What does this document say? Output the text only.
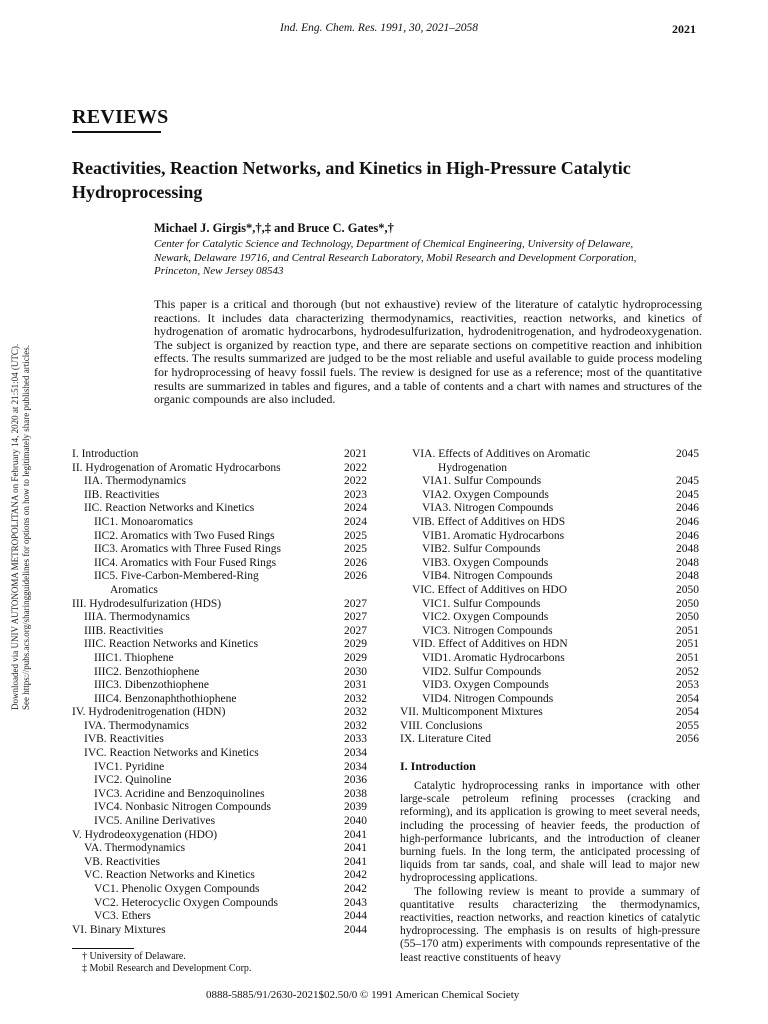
Ind. Eng. Chem. Res. 1991, 30, 2021–2058	2021
REVIEWS
Reactivities, Reaction Networks, and Kinetics in High-Pressure Catalytic Hydroprocessing
Michael J. Girgis*,†,‡ and Bruce C. Gates*,†
Center for Catalytic Science and Technology, Department of Chemical Engineering, University of Delaware,
Newark, Delaware 19716, and Central Research Laboratory, Mobil Research and Development Corporation,
Princeton, New Jersey 08543
This paper is a critical and thorough (but not exhaustive) review of the literature of catalytic hydroprocessing reactions. It includes data characterizing thermodynamics, reactivities, reaction networks, and kinetics of hydrogenation of aromatic hydrocarbons, hydrodesulfurization, hydrodenitrogenation, and hydrodeoxygenation. The subject is organized by reaction type, and there are separate sections on competitive reaction and inhibition effects. The results summarized are judged to be the most reliable and useful available to guide process modeling for hydroprocessing of heavy fossil fuels. The review is designed for use as a reference; most of the quantitative results are summarized in tables and figures, and a table of contents and a chart with names and structures of the organic compounds are also included.
Downloaded via UNIV AUTONOMA METROPOLITANA on February 14, 2020 at 21:51:04 (UTC).
See https://pubs.acs.org/sharingguidelines for options on how to legitimately share published articles.
I. Introduction	2021
II. Hydrogenation of Aromatic Hydrocarbons	2022
IIA. Thermodynamics	2022
IIB. Reactivities	2023
IIC. Reaction Networks and Kinetics	2024
IIC1. Monoaromatics	2024
IIC2. Aromatics with Two Fused Rings	2025
IIC3. Aromatics with Three Fused Rings	2025
IIC4. Aromatics with Four Fused Rings	2026
IIC5. Five-Carbon-Membered-Ring	2026
Aromatics
III. Hydrodesulfurization (HDS)	2027
IIIA. Thermodynamics	2027
IIIB. Reactivities	2027
IIIC. Reaction Networks and Kinetics	2029
IIIC1. Thiophene	2029
IIIC2. Benzothiophene	2030
IIIC3. Dibenzothiophene	2031
IIIC4. Benzonaphthothiophene	2032
IV. Hydrodenitrogenation (HDN)	2032
IVA. Thermodynamics	2032
IVB. Reactivities	2033
IVC. Reaction Networks and Kinetics	2034
IVC1. Pyridine	2034
IVC2. Quinoline	2036
IVC3. Acridine and Benzoquinolines	2038
IVC4. Nonbasic Nitrogen Compounds	2039
IVC5. Aniline Derivatives	2040
V. Hydrodeoxygenation (HDO)	2041
VA. Thermodynamics	2041
VB. Reactivities	2041
VC. Reaction Networks and Kinetics	2042
VC1. Phenolic Oxygen Compounds	2042
VC2. Heterocyclic Oxygen Compounds	2043
VC3. Ethers	2044
VI. Binary Mixtures	2044
VIA. Effects of Additives on Aromatic	2045
Hydrogenation
VIA1. Sulfur Compounds	2045
VIA2. Oxygen Compounds	2045
VIA3. Nitrogen Compounds	2046
VIB. Effect of Additives on HDS	2046
VIB1. Aromatic Hydrocarbons	2046
VIB2. Sulfur Compounds	2048
VIB3. Oxygen Compounds	2048
VIB4. Nitrogen Compounds	2048
VIC. Effect of Additives on HDO	2050
VIC1. Sulfur Compounds	2050
VIC2. Oxygen Compounds	2050
VIC3. Nitrogen Compounds	2051
VID. Effect of Additives on HDN	2051
VID1. Aromatic Hydrocarbons	2051
VID2. Sulfur Compounds	2052
VID3. Oxygen Compounds	2053
VID4. Nitrogen Compounds	2054
VII. Multicomponent Mixtures	2054
VIII. Conclusions	2055
IX. Literature Cited	2056
I. Introduction

Catalytic hydroprocessing ranks in importance with other large-scale petroleum refining processes (cracking and reforming), and its application is growing to meet several needs, including the processing of heavier feeds, the production of high-performance lubricants, and the introduction of cleaner burning fuels. In the long term, the anticipated processing of liquids from tar sands, coal, and shale will lead to major new hydroprocessing applications.

The following review is meant to provide a summary of quantitative results characterizing the thermodynamics, reactivities, reaction networks, and reaction kinetics of catalytic hydroprocessing. The emphasis is on results of high-pressure (55–170 atm) experiments with compounds representative of the least reactive constituents of heavy

† University of Delaware.
‡ Mobil Research and Development Corp.
0888-5885/91/2630-2021$02.50/0 © 1991 American Chemical Society
